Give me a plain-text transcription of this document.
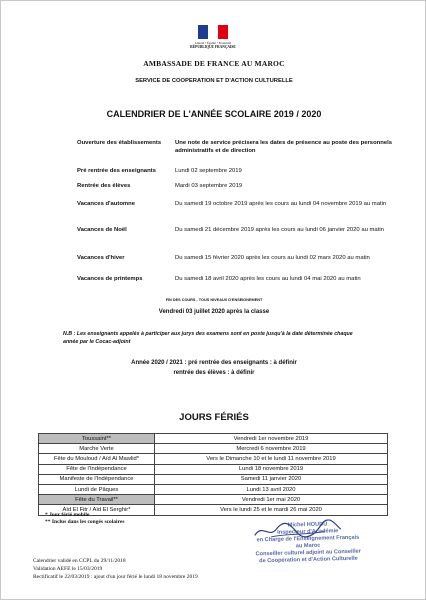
Liberté • Égalité • Fraternité
RÉPUBLIQUE FRANÇAISE
AMBASSADE DE FRANCE AU MAROC
SERVICE DE COOPERATION ET D'ACTION CULTURELLE
CALENDRIER DE L'ANNÉE SCOLAIRE 2019 / 2020
Ouverture des établissements	Une note de service précisera les dates de présence au poste des personnels administratifs et de direction
Pré rentrée des enseignants	Lundi 02 septembre 2019
Rentrée des élèves	Mardi 03 septembre 2019
Vacances d'automne	Du samedi 19 octobre 2019 après les cours au lundi 04 novembre 2019 au matin
Vacances de Noël	Du samedi 21 décembre 2019 après les cours au lundi 06 janvier 2020 au matin
Vacances d'hiver	Du samedi 15 février 2020 après les cours au lundi 02 mars 2020 au matin
Vacances de printemps	Du samedi 18 avril 2020 après les cours au lundi 04 mai 2020 au matin
FIN DES COURS - TOUS NIVEAUX D'ENSEIGNEMENT
Vendredi 03 juillet 2020 après la classe
N.B : Les enseignants appelés à participer aux jurys des examens sont en poste jusqu'à la date déterminée chaque année par le Cocac-adjoint
Année 2020 / 2021 : pré rentrée des enseignants : à définir
rentrée des élèves : à définir
JOURS FÉRIÉS
Toussaint**	Vendredi 1er novembre 2019
Marche Verte	Mercredi 6 novembre 2019
Fête du Mouloud / Aïd Al Mawlid*	Vers le Dimanche 10 et le lundi 11 novembre 2019
Fête de l'Indépendance	Lundi 18 novembre 2019
Manifeste de l'Indépendance	Samedi 11 janvier 2020
Lundi de Pâques	Lundi 13 avril 2020
Fête du Travail**	Vendredi 1er mai 2020
Aïd El Fitr / Aïd El Serghir*	Vers le lundi 25 et le mardi 26 mai 2020
* Jour férié mobile
** Inclus dans les congés scolaires	Michel HOUDU
Inspecteur d'Académie
en Charge de l'Enseignement Français
au Maroc
Conseiller culturel adjoint au Conseiller
de Coopération et d'Action Culturelle
Calendrier validé en CCPL du 29/11/2018
Validation AEFE le 15/03/2019
Rectificatif le 22/03/2019 : ajout d'un jour férié le lundi 18 novembre 2019
